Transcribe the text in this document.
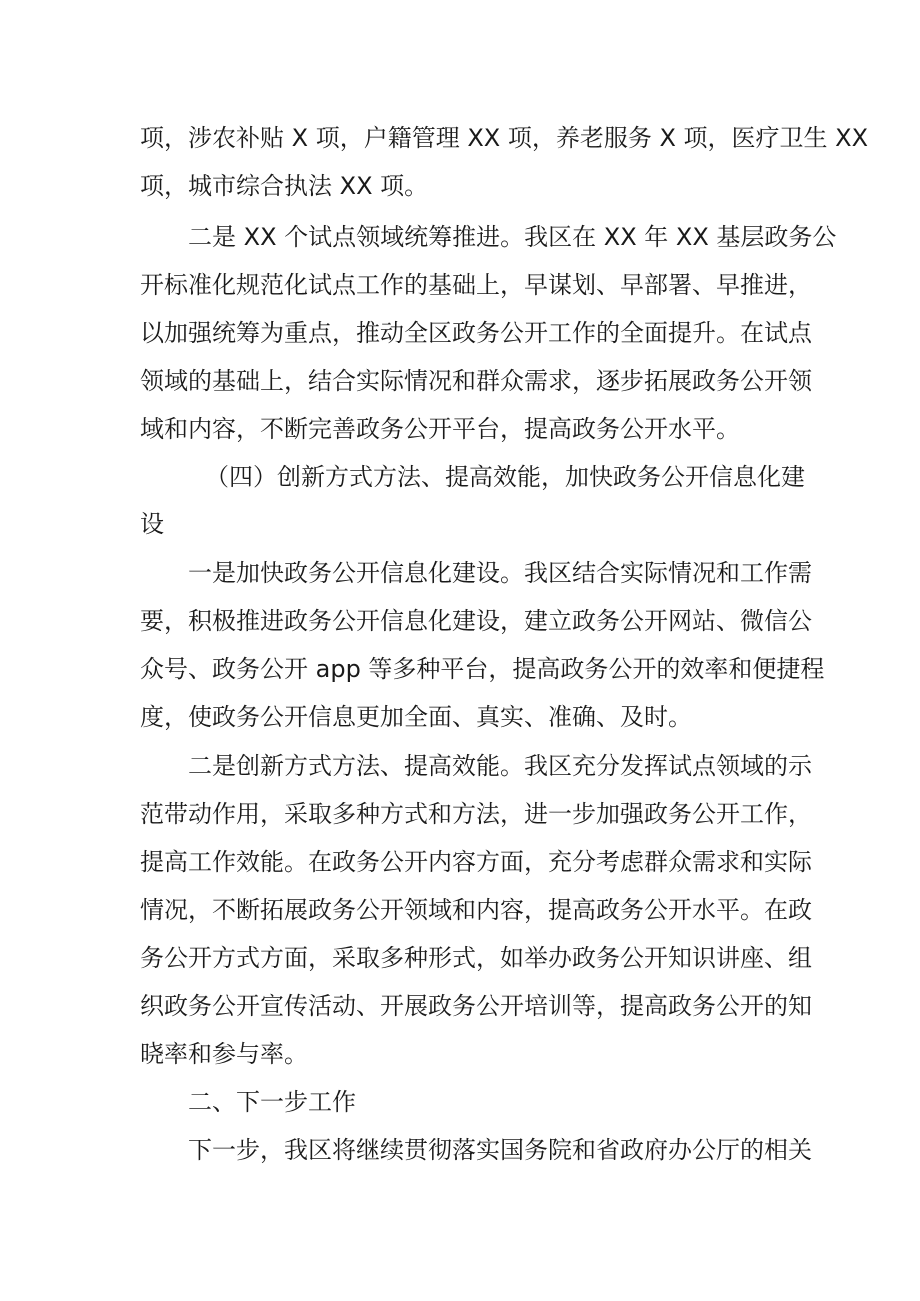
项，涉农补贴 X 项，户籍管理 XX 项，养老服务 X 项，医疗卫生 XX
项，城市综合执法 XX 项。
二是 XX 个试点领域统筹推进。我区在 XX 年 XX 基层政务公
开标准化规范化试点工作的基础上，早谋划、早部署、早推进，
以加强统筹为重点，推动全区政务公开工作的全面提升。在试点
领域的基础上，结合实际情况和群众需求，逐步拓展政务公开领
域和内容，不断完善政务公开平台，提高政务公开水平。
（四）创新方式方法、提高效能，加快政务公开信息化建
设
一是加快政务公开信息化建设。我区结合实际情况和工作需
要，积极推进政务公开信息化建设，建立政务公开网站、微信公
众号、政务公开 app 等多种平台，提高政务公开的效率和便捷程
度，使政务公开信息更加全面、真实、准确、及时。
二是创新方式方法、提高效能。我区充分发挥试点领域的示
范带动作用，采取多种方式和方法，进一步加强政务公开工作，
提高工作效能。在政务公开内容方面，充分考虑群众需求和实际
情况，不断拓展政务公开领域和内容，提高政务公开水平。在政
务公开方式方面，采取多种形式，如举办政务公开知识讲座、组
织政务公开宣传活动、开展政务公开培训等，提高政务公开的知
晓率和参与率。
二、下一步工作
下一步，我区将继续贯彻落实国务院和省政府办公厅的相关
